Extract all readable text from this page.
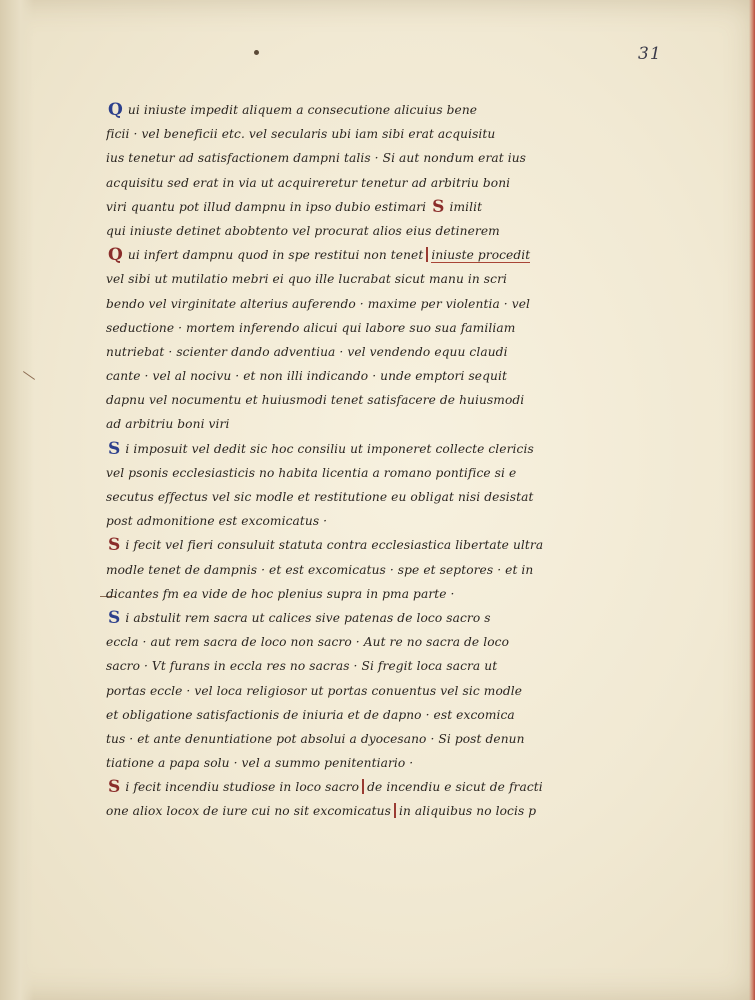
31
Q ui iniuste impedit aliquem a consecutione alicuius bene
ficii · vel beneficii etc. vel secularis ubi iam sibi erat acquisitu
ius tenetur ad satisfactionem dampni talis · Si aut nondum erat ius
acquisitu sed erat in via ut acquireretur tenetur ad arbitriu boni
viri quantu pot illud dampnu in ipso dubio estimari S imilit
qui iniuste detinet abobtento vel procurat alios eius detinerem
Q ui infert dampnu quod in spe restitui non tenet iniuste procedit
vel sibi ut mutilatio mebri ei quo ille lucrabat sicut manu in scri
bendo vel virginitate alterius auferendo · maxime per violentia · vel
seductione · mortem inferendo alicui qui labore suo sua familiam
nutriebat · scienter dando adventiua · vel vendendo equu claudi
cante · vel al nocivu · et non illi indicando · unde emptori sequit
dapnu vel nocumentu et huiusmodi tenet satisfacere de huiusmodi
ad arbitriu boni viri
S i imposuit vel dedit sic hoc consiliu ut imponeret collecte clericis
vel psonis ecclesiasticis no habita licentia a romano pontifice si e
secutus effectus vel sic modle et restitutione eu obligat nisi desistat
post admonitione est excomicatus ·
S i fecit vel fieri consuluit statuta contra ecclesiastica libertate ultra
modle tenet de dampnis · et est excomicatus · spe et septores · et in
dicantes fm ea vide de hoc plenius supra in pma parte ·
S i abstulit rem sacra ut calices sive patenas de loco sacro s
eccla · aut rem sacra de loco non sacro · Aut re no sacra de loco
sacro · Vt furans in eccla res no sacras · Si fregit loca sacra ut
portas eccle · vel loca religiosor ut portas conuentus vel sic modle
et obligatione satisfactionis de iniuria et de dapno · est excomica
tus · et ante denuntiatione pot absolui a dyocesano · Si post denun
tiatione a papa solu · vel a summo penitentiario ·
S i fecit incendiu studiose in loco sacro de incendiu e sicut de fracti
one aliox locox de iure cui no sit excomicatus in aliquibus no locis p
